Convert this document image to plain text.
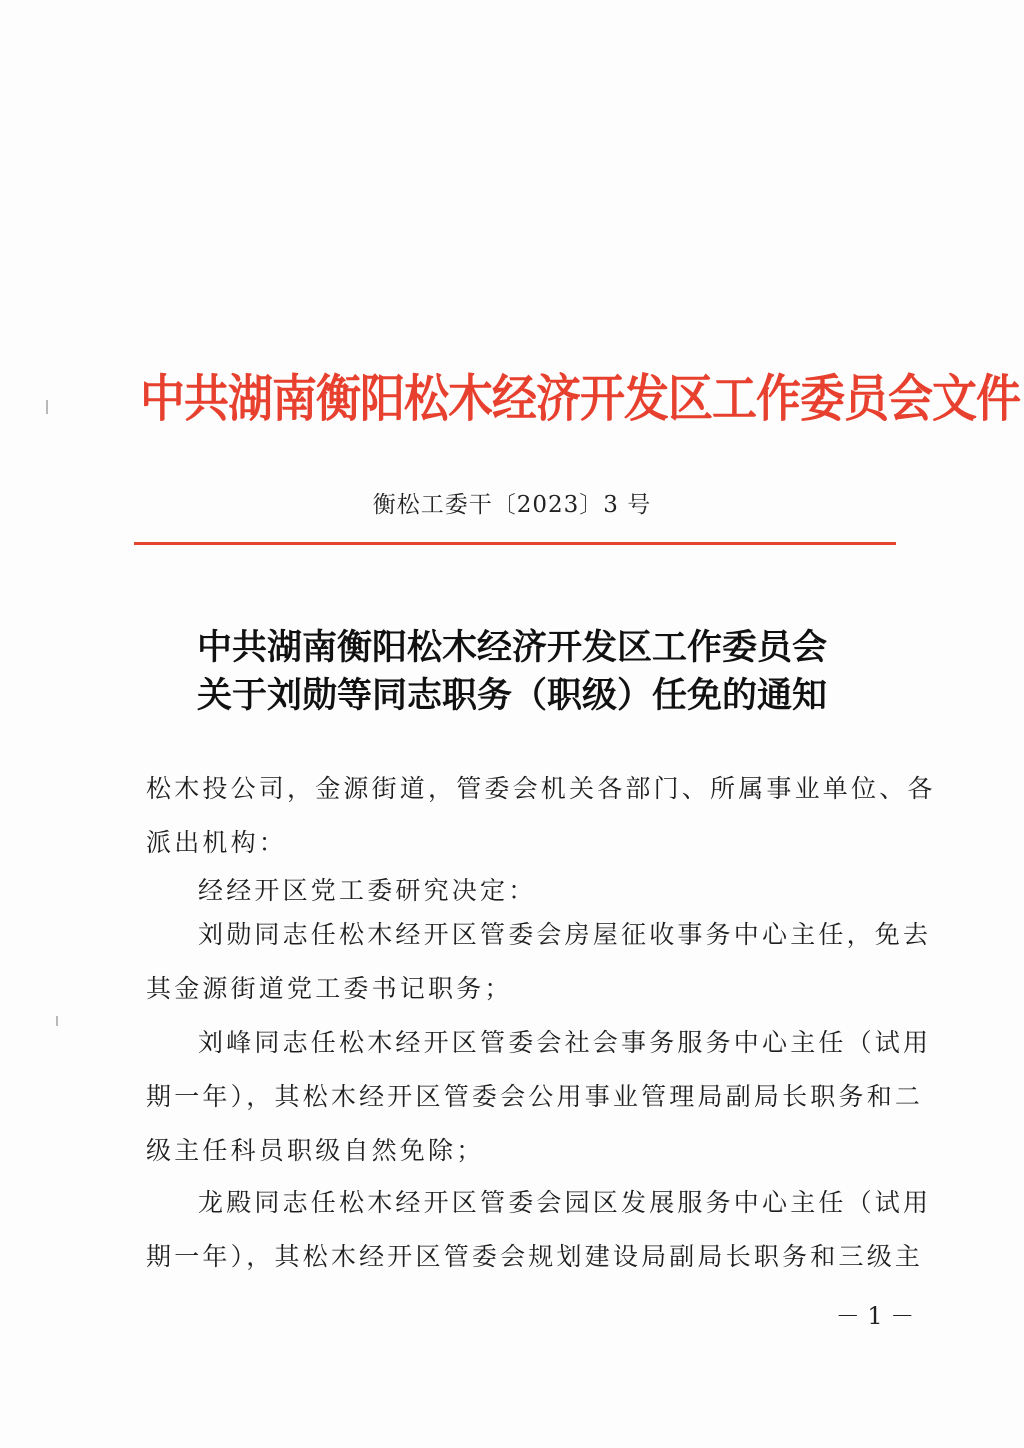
中共湖南衡阳松木经济开发区工作委员会文件
衡松工委干〔2023〕3 号
中共湖南衡阳松木经济开发区工作委员会
关于刘勋等同志职务（职级）任免的通知
松木投公司，金源街道，管委会机关各部门、所属事业单位、各
派出机构：
经经开区党工委研究决定：
刘勋同志任松木经开区管委会房屋征收事务中心主任，免去
其金源街道党工委书记职务；
刘峰同志任松木经开区管委会社会事务服务中心主任（试用
期一年），其松木经开区管委会公用事业管理局副局长职务和二
级主任科员职级自然免除；
龙殿同志任松木经开区管委会园区发展服务中心主任（试用
期一年），其松木经开区管委会规划建设局副局长职务和三级主
－ 1 －
